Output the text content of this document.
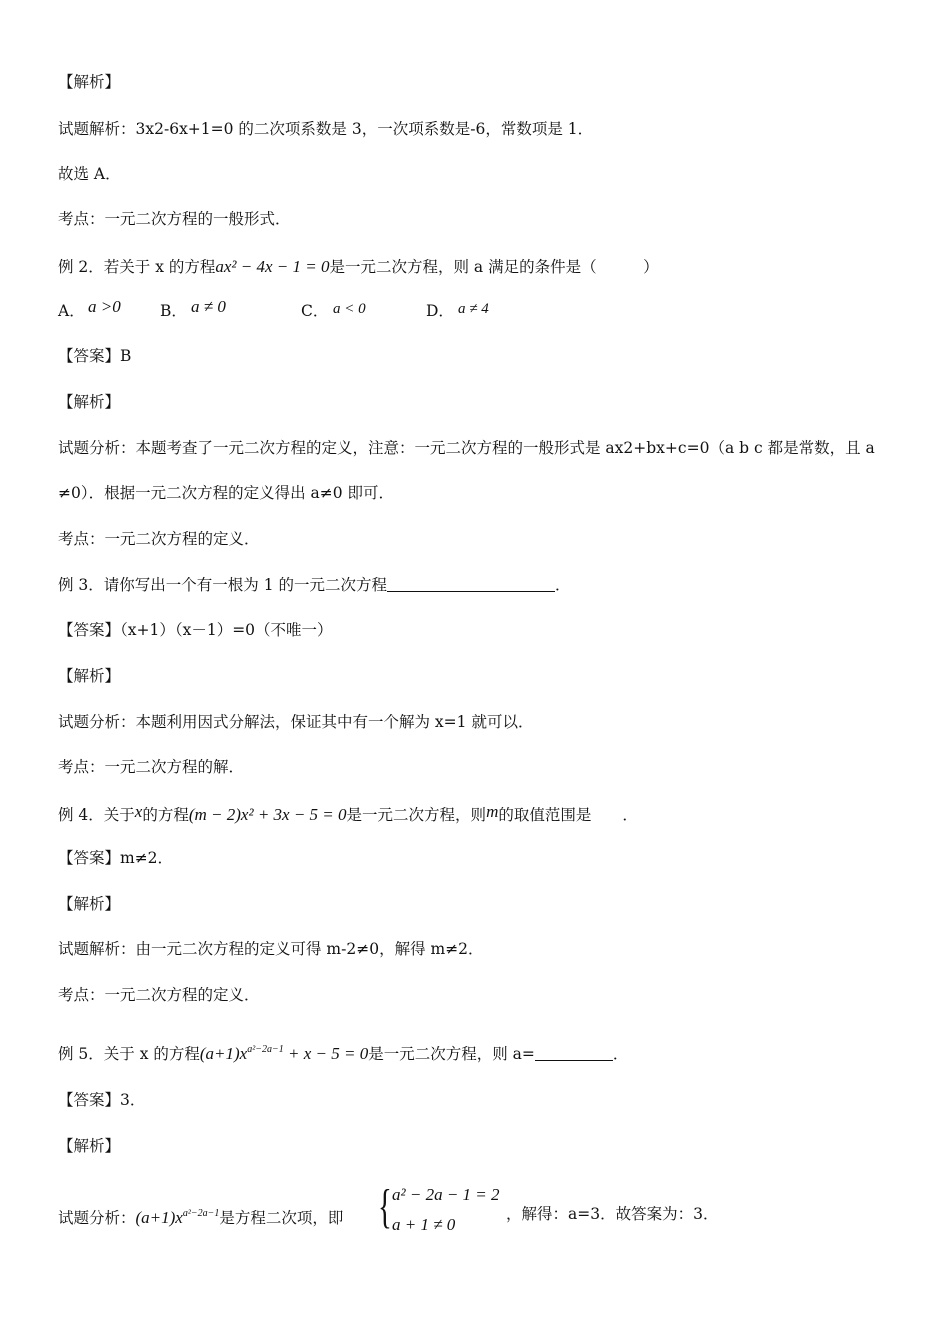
【解析】
试题解析：3x2-6x+1=0 的二次项系数是 3，一次项系数是-6，常数项是 1．
故选 A．
考点：一元二次方程的一般形式．
例 2．若关于 x 的方程ax² − 4x − 1 = 0是一元二次方程，则 a 满足的条件是（　　　）
A． a >0	B． a ≠ 0	C． a < 0	D． a ≠ 4
【答案】B
【解析】
试题分析：本题考查了一元二次方程的定义，注意：一元二次方程的一般形式是 ax2+bx+c=0（a b c 都是常数，且 a
≠0）．根据一元二次方程的定义得出 a≠0 即可．
考点：一元二次方程的定义．
例 3．请你写出一个有一根为 1 的一元二次方程	．
【答案】（x+1）（x－1）=0（不唯一）
【解析】
试题分析：本题利用因式分解法，保证其中有一个解为 x=1 就可以．
考点：一元二次方程的解．
例 4．关于x的方程(m − 2)x² + 3x − 5 = 0是一元二次方程，则m的取值范围是　　．
【答案】m≠2．
【解析】
试题解析：由一元二次方程的定义可得 m-2≠0，解得 m≠2．
考点：一元二次方程的定义．
例 5．关于 x 的方程$(a+1)x^{a^2-2a-1} + x - 5 = 0$是一元二次方程，则 a=	．
【答案】3．
【解析】
试题分析：$(a+1)x^{a^2-2a-1}$是方程二次项，即 { a² − 2a − 1 = 2
a + 1 ≠ 0
，解得：a=3．故答案为：3．
